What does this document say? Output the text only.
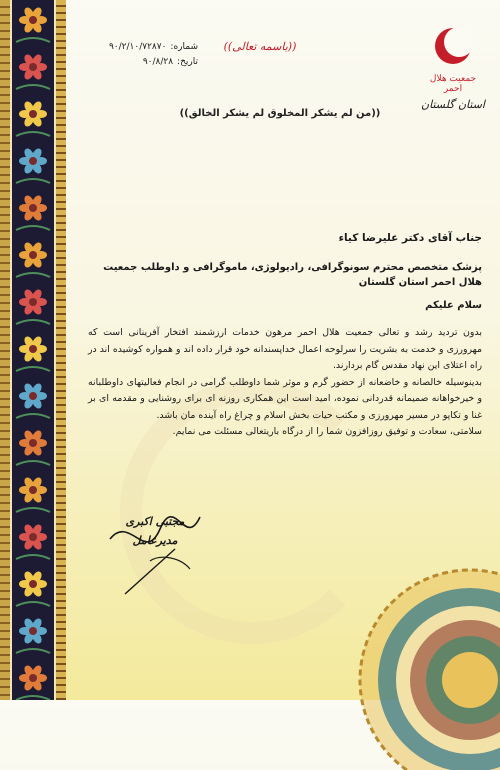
جمعیت هلال احمر
استان گلستان
((باسمه تعالی))
شماره:
۹۰/۲/۱۰/۷۲۸۷۰
تاریخ:
۹۰/۸/۲۸
((من لم یشکر المخلوق لم یشکر الخالق))

جناب آقای دکتر علیرضا کیاء

پزشک متخصص محترم سونوگرافی، رادیولوژی، ماموگرافی و داوطلب جمعیت هلال احمر استان گلستان

سلام علیکم

بدون تردید رشد و تعالی جمعیت هلال احمر مرهون خدمات ارزشمند افتخار آفرینانی است که مهرورزی و خدمت به بشریت را سرلوحه اعمال خداپسندانه خود قرار داده اند و همواره کوشیده اند در راه اعتلای این نهاد مقدس گام بردارند.

بدینوسیله خالصانه و خاضعانه از حضور گرم و موثر شما داوطلب گرامی در انجام فعالیتهای داوطلبانه و خیرخواهانه صمیمانه قدردانی نموده، امید است این همکاری روزنه ای برای روشنایی و مقدمه ای بر غنا و تکاپو در مسیر مهرورزی و مکتب حیات بخش اسلام و چراغ راه آینده مان باشد.

سلامتی، سعادت و توفیق روزافزون شما را از درگاه باریتعالی مسئلت می نمایم.

مجتبی اکبری
مدیرعامل
